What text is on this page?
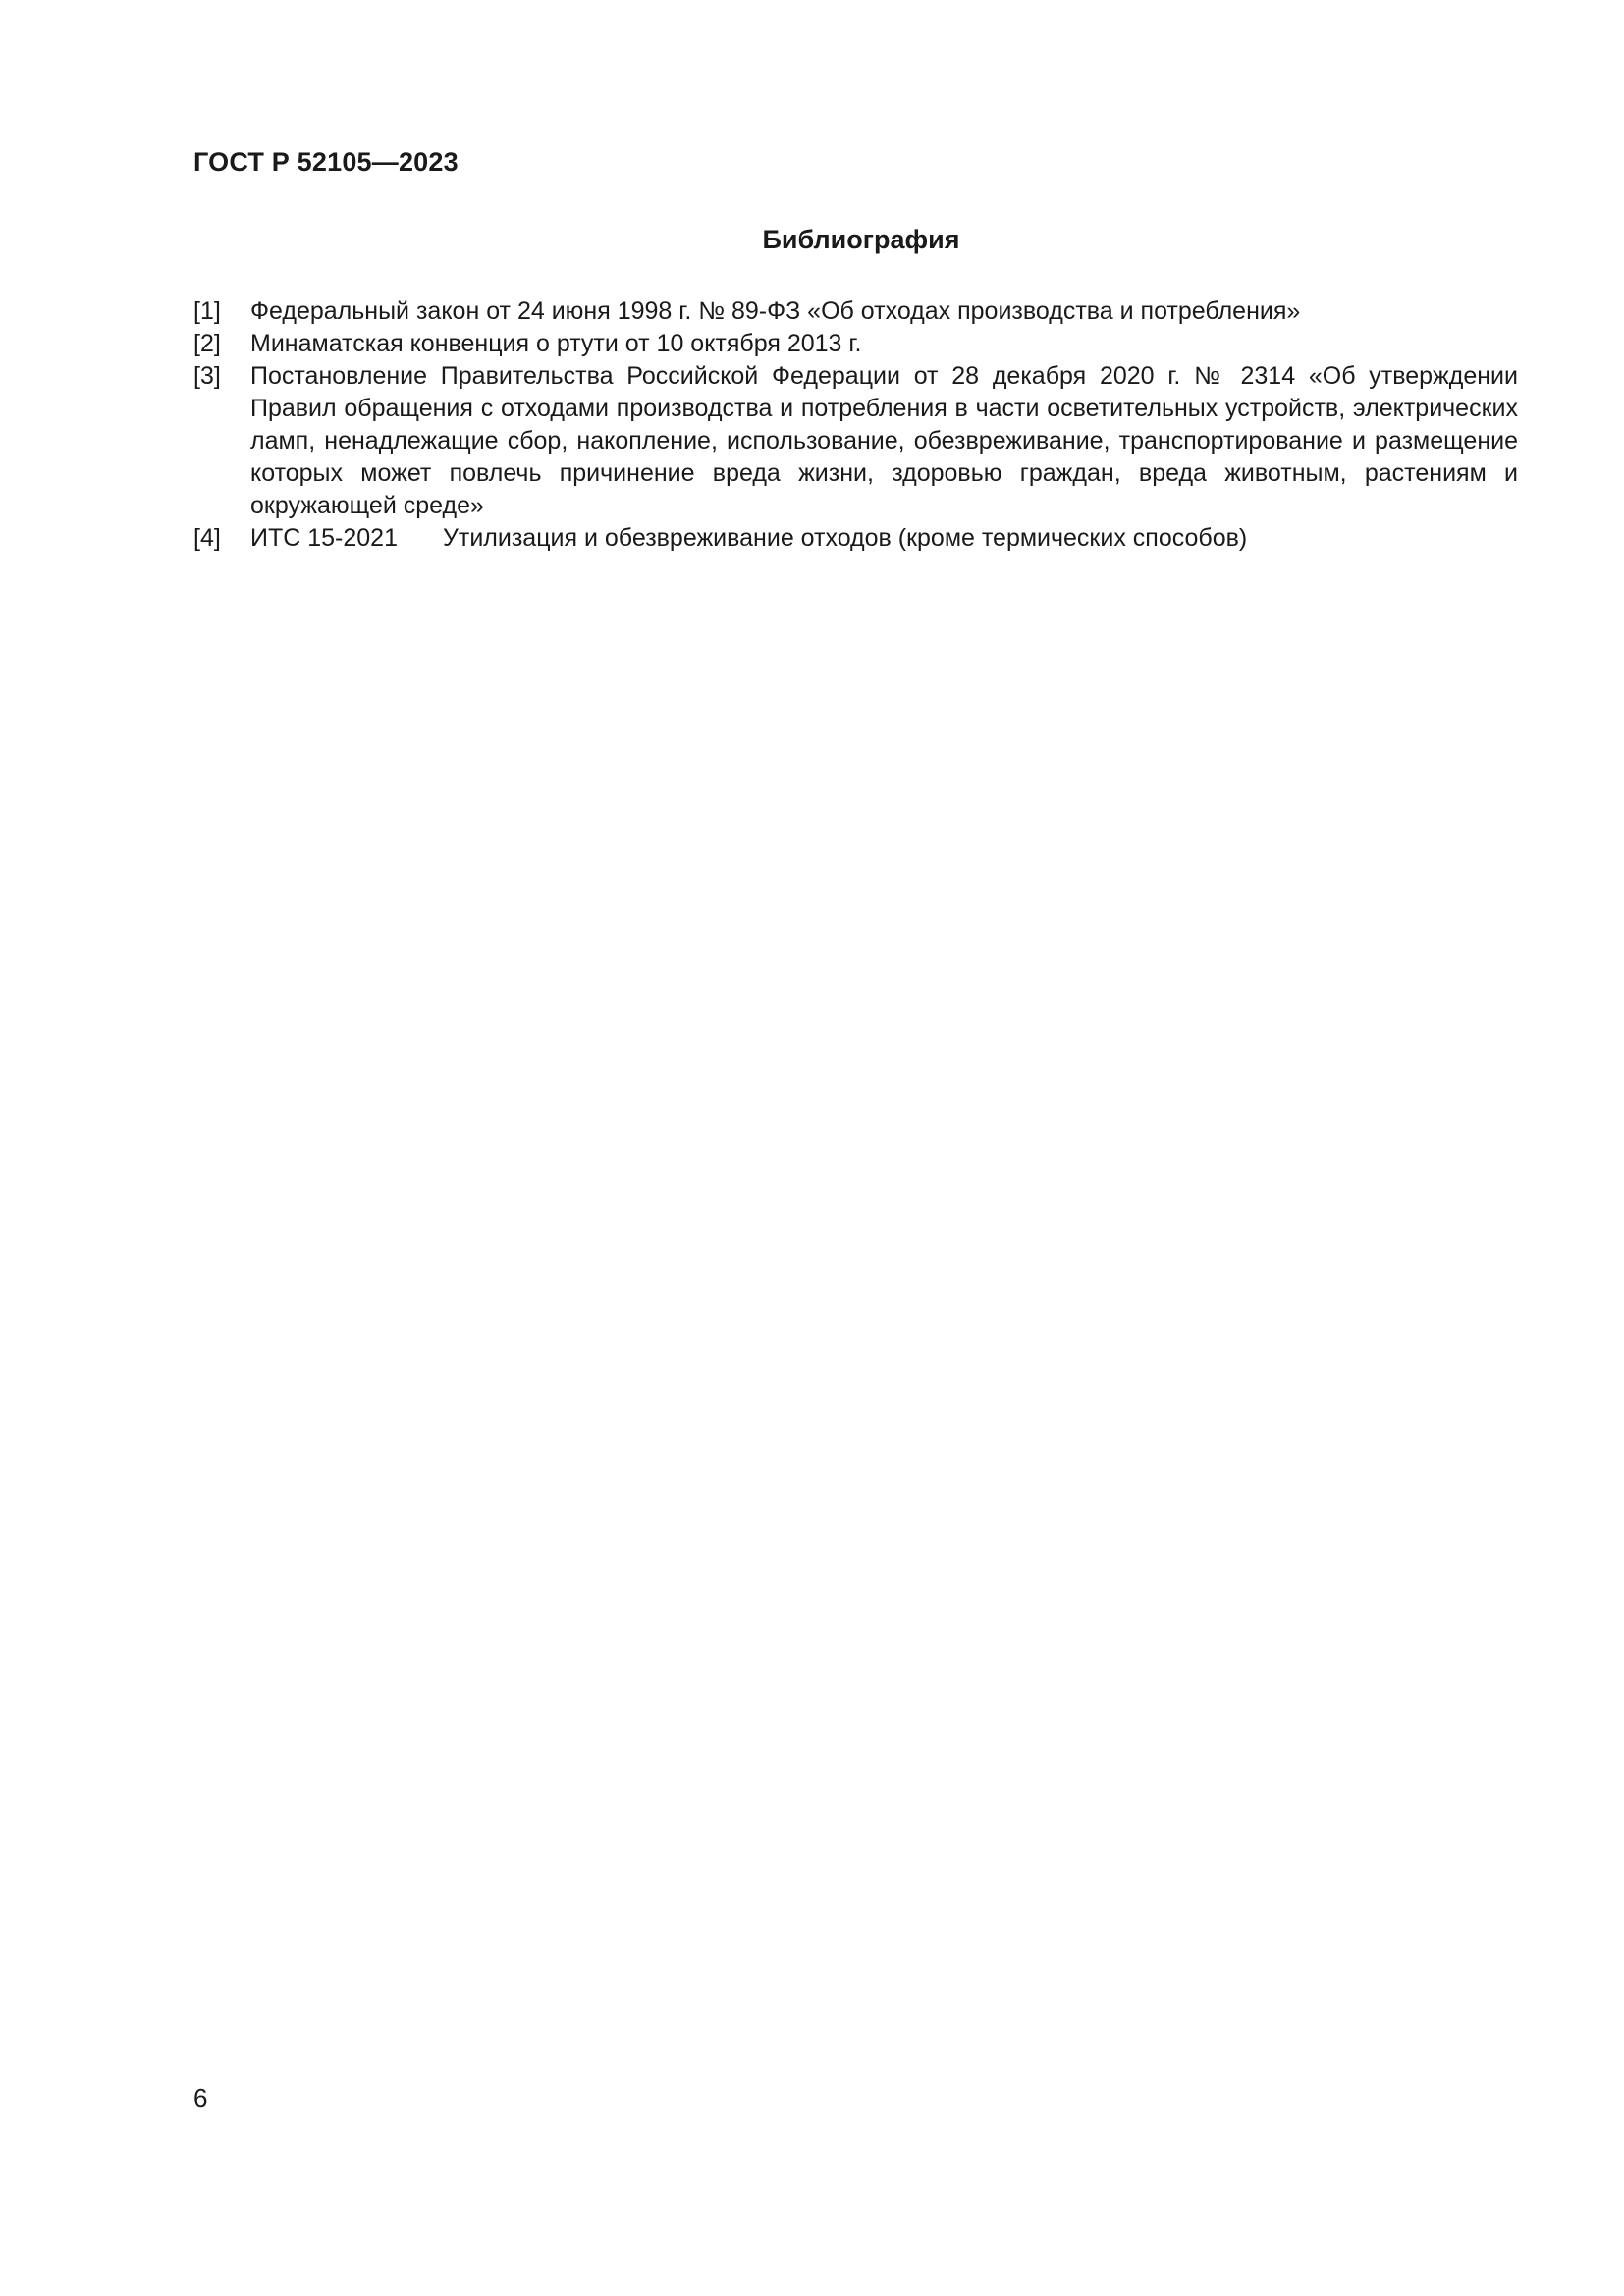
ГОСТ Р 52105—2023
Библиография
[1]	Федеральный закон от 24 июня 1998 г. № 89-ФЗ «Об отходах производства и потребления»
[2]	Минаматская конвенция о ртути от 10 октября 2013 г.
[3]	Постановление Правительства Российской Федерации от 28 декабря 2020 г. № 2314 «Об утверждении Правил обращения с отходами производства и потребления в части осветительных устройств, электрических ламп, ненадлежащие сбор, накопление, использование, обезвреживание, транспортирование и размещение которых может повлечь причинение вреда жизни, здоровью граждан, вреда животным, растениям и окружающей среде»
[4]	ИТС 15-2021 Утилизация и обезвреживание отходов (кроме термических способов)
6
